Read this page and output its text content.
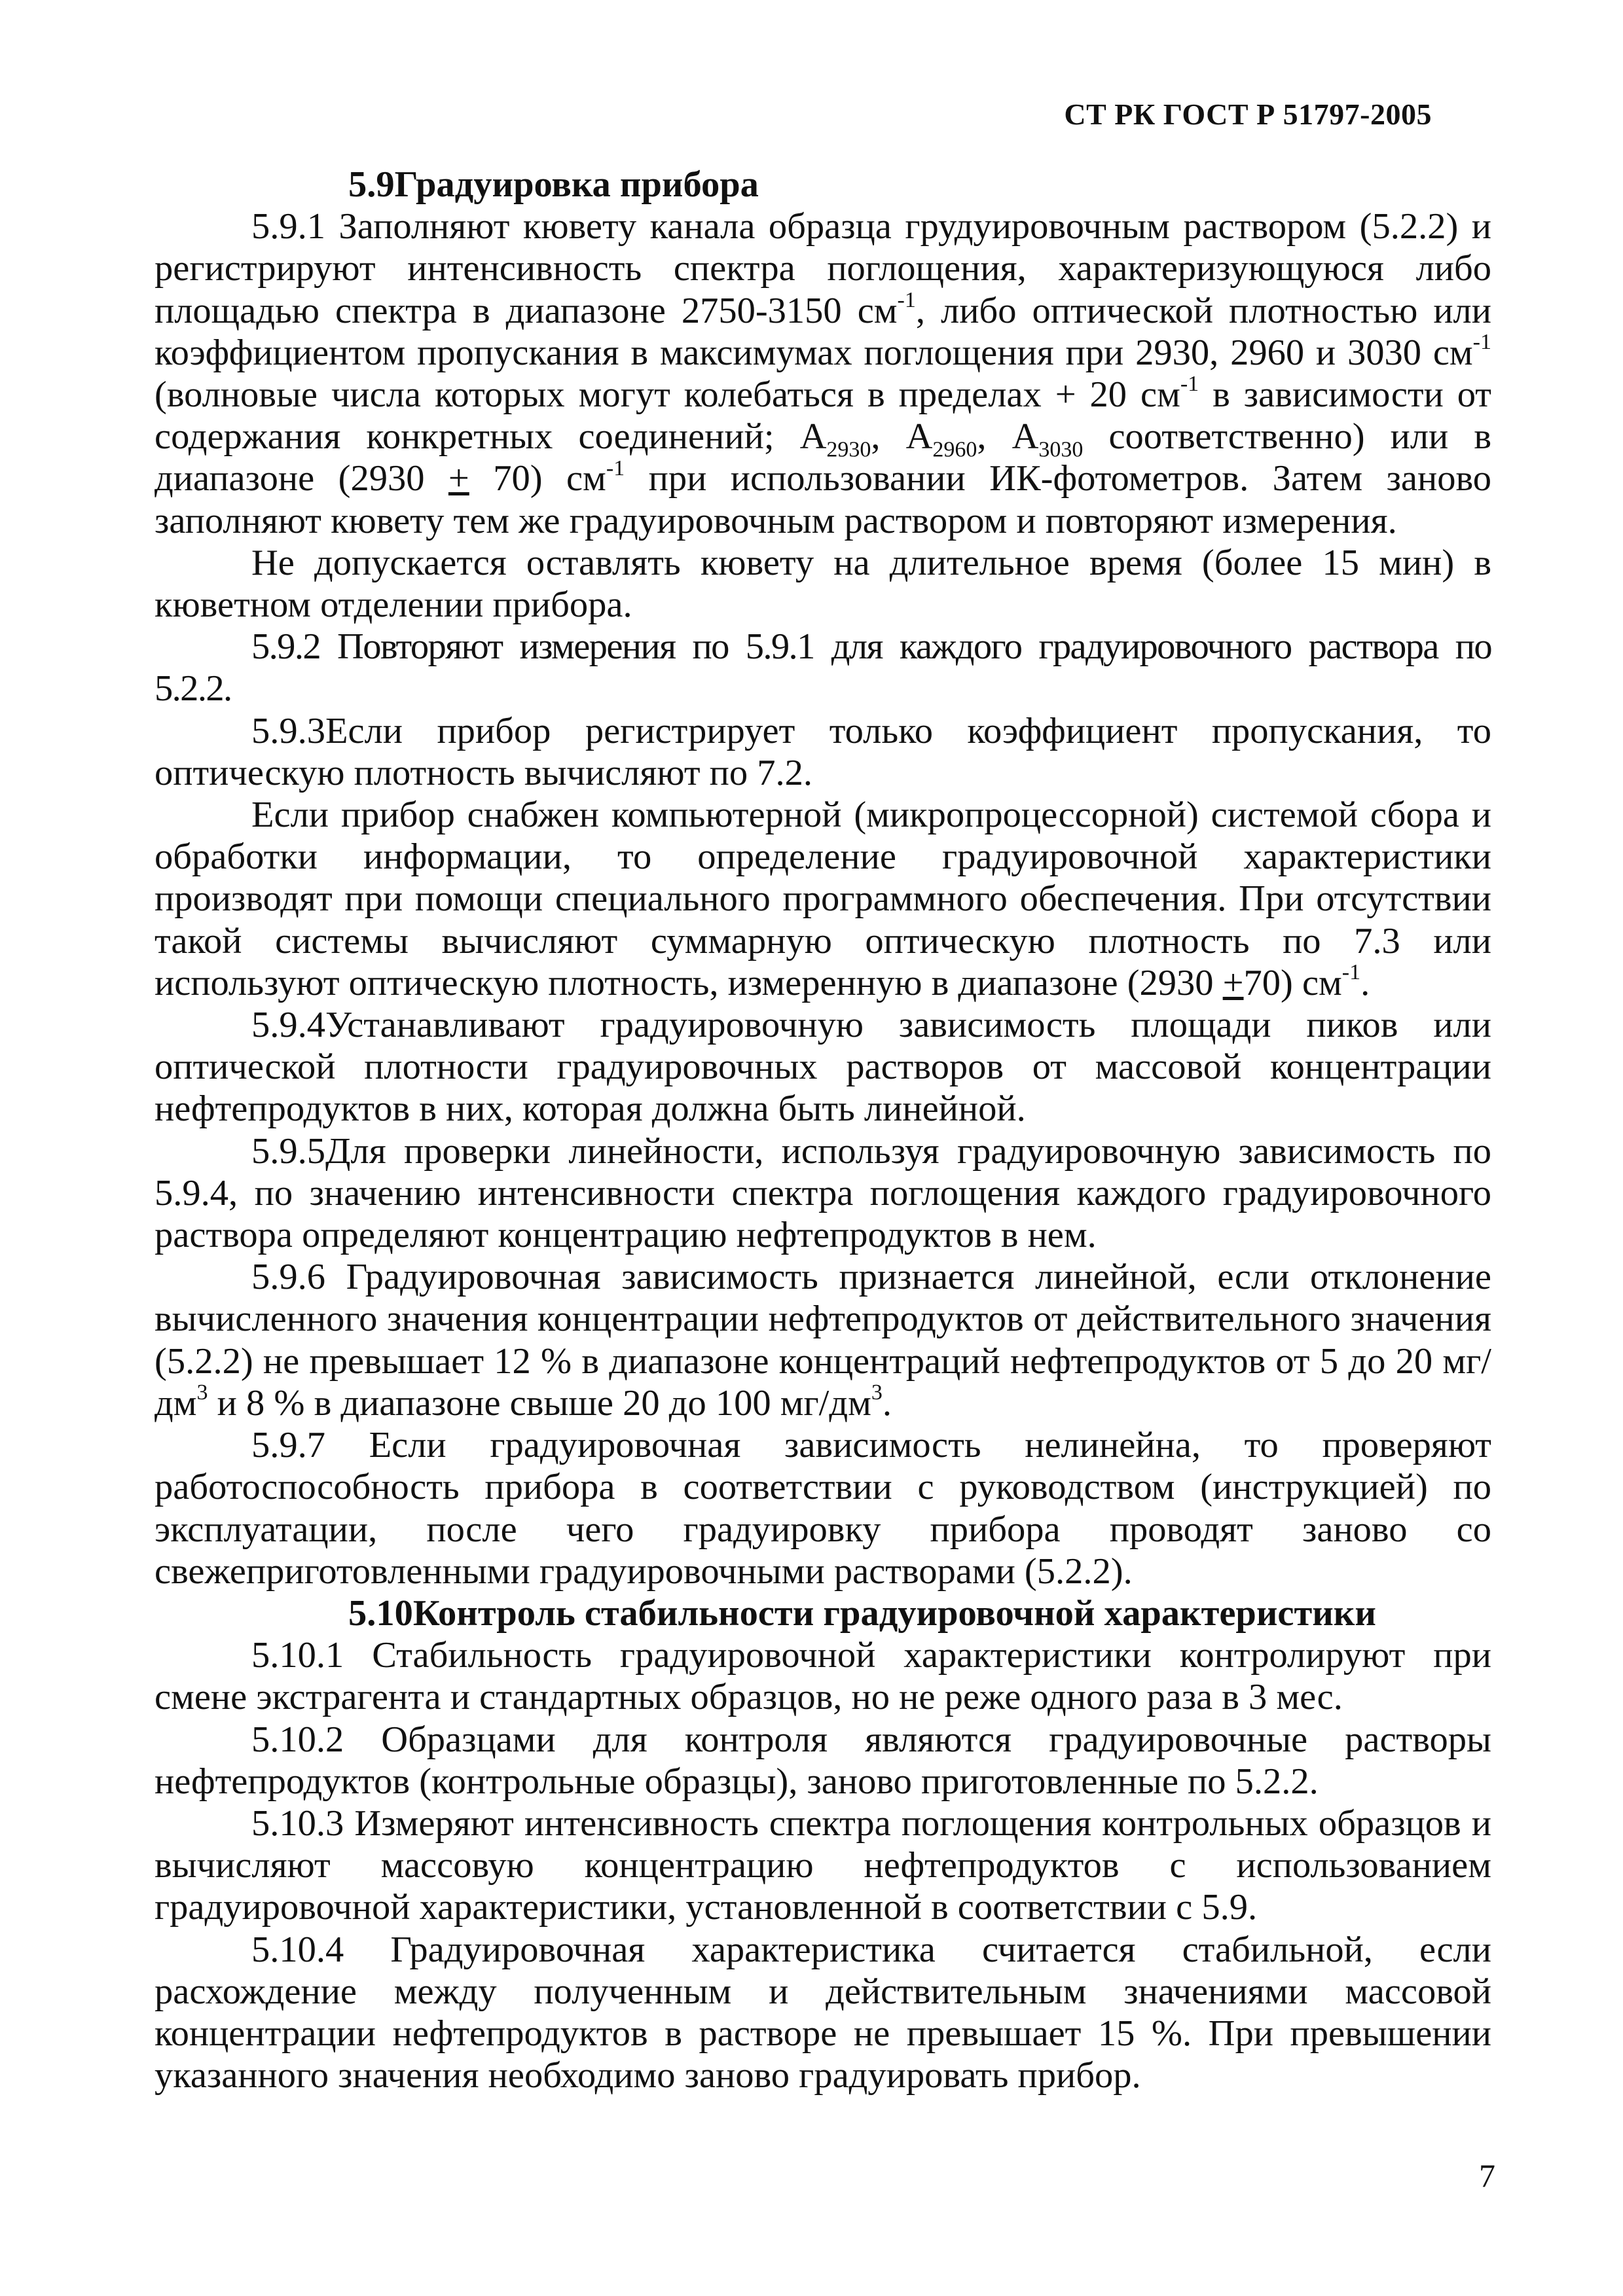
СТ РК ГОСТ Р 51797-2005
5.9Градуировка прибора

5.9.1 Заполняют кювету канала образца грудуировочным раствором (5.2.2) и регистрируют интенсивность спектра поглощения, характеризующуюся либо площадью спектра в диапазоне 2750-3150 $см^{-1}$, либо оптической плотностью или коэффициентом пропускания в максимумах поглощения при 2930, 2960 и 3030 $см^{-1}$ (волновые числа которых могут колебаться в пределах + 20 $см^{-1}$ в зависимости от содержания конкретных соединений; $А_{2930}$, $А_{2960}$, $А_{3030}$ соответственно) или в диапазоне (2930 + 70) $см^{-1}$ при использовании ИК-фотометров. Затем заново заполняют кювету тем же градуировочным раствором и повторяют измерения.

Не допускается оставлять кювету на длительное время (более 15 мин) в кюветном отделении прибора.

5.9.2 Повторяют измерения по 5.9.1 для каждого градуировочного раствора по 5.2.2.

5.9.3Если прибор регистрирует только коэффициент пропускания, то оптическую плотность вычисляют по 7.2.

Если прибор снабжен компьютерной (микропроцессорной) системой сбора и обработки информации, то определение градуировочной характеристики производят при помощи специального программного обеспечения. При отсутствии такой системы вычисляют суммарную оптическую плотность по 7.3 или используют оптическую плотность, измеренную в диапазоне (2930 +70) $см^{-1}$.

5.9.4Устанавливают градуировочную зависимость площади пиков или оптической плотности градуировочных растворов от массовой концентрации нефтепродуктов в них, которая должна быть линейной.

5.9.5Для проверки линейности, используя градуировочную зависимость по 5.9.4, по значению интенсивности спектра поглощения каждого градуировочного раствора определяют концентрацию нефтепродуктов в нем.

5.9.6 Градуировочная зависимость признается линейной, если отклонение вычисленного значения концентрации нефтепродуктов от действительного значения (5.2.2) не превышает 12 % в диапазоне концентраций нефтепродуктов от 5 до 20 $мг/дм^3$ и 8 % в диапазоне свыше 20 до 100 $мг/дм^3$.

5.9.7 Если градуировочная зависимость нелинейна, то проверяют работоспособность прибора в соответствии с руководством (инструкцией) по эксплуатации, после чего градуировку прибора проводят заново со свежеприготовленными градуировочными растворами (5.2.2).

5.10Контроль стабильности градуировочной характеристики

5.10.1 Стабильность градуировочной характеристики контролируют при смене экстрагента и стандартных образцов, но не реже одного раза в 3 мес.

5.10.2 Образцами для контроля являются градуировочные растворы нефтепродуктов (контрольные образцы), заново приготовленные по 5.2.2.

5.10.3 Измеряют интенсивность спектра поглощения контрольных образцов и вычисляют массовую концентрацию нефтепродуктов с использованием градуировочной характеристики, установленной в соответствии с 5.9.

5.10.4 Градуировочная характеристика считается стабильной, если расхождение между полученным и действительным значениями массовой концентрации нефтепродуктов в растворе не превышает 15 %. При превышении указанного значения необходимо заново градуировать прибор.

7
